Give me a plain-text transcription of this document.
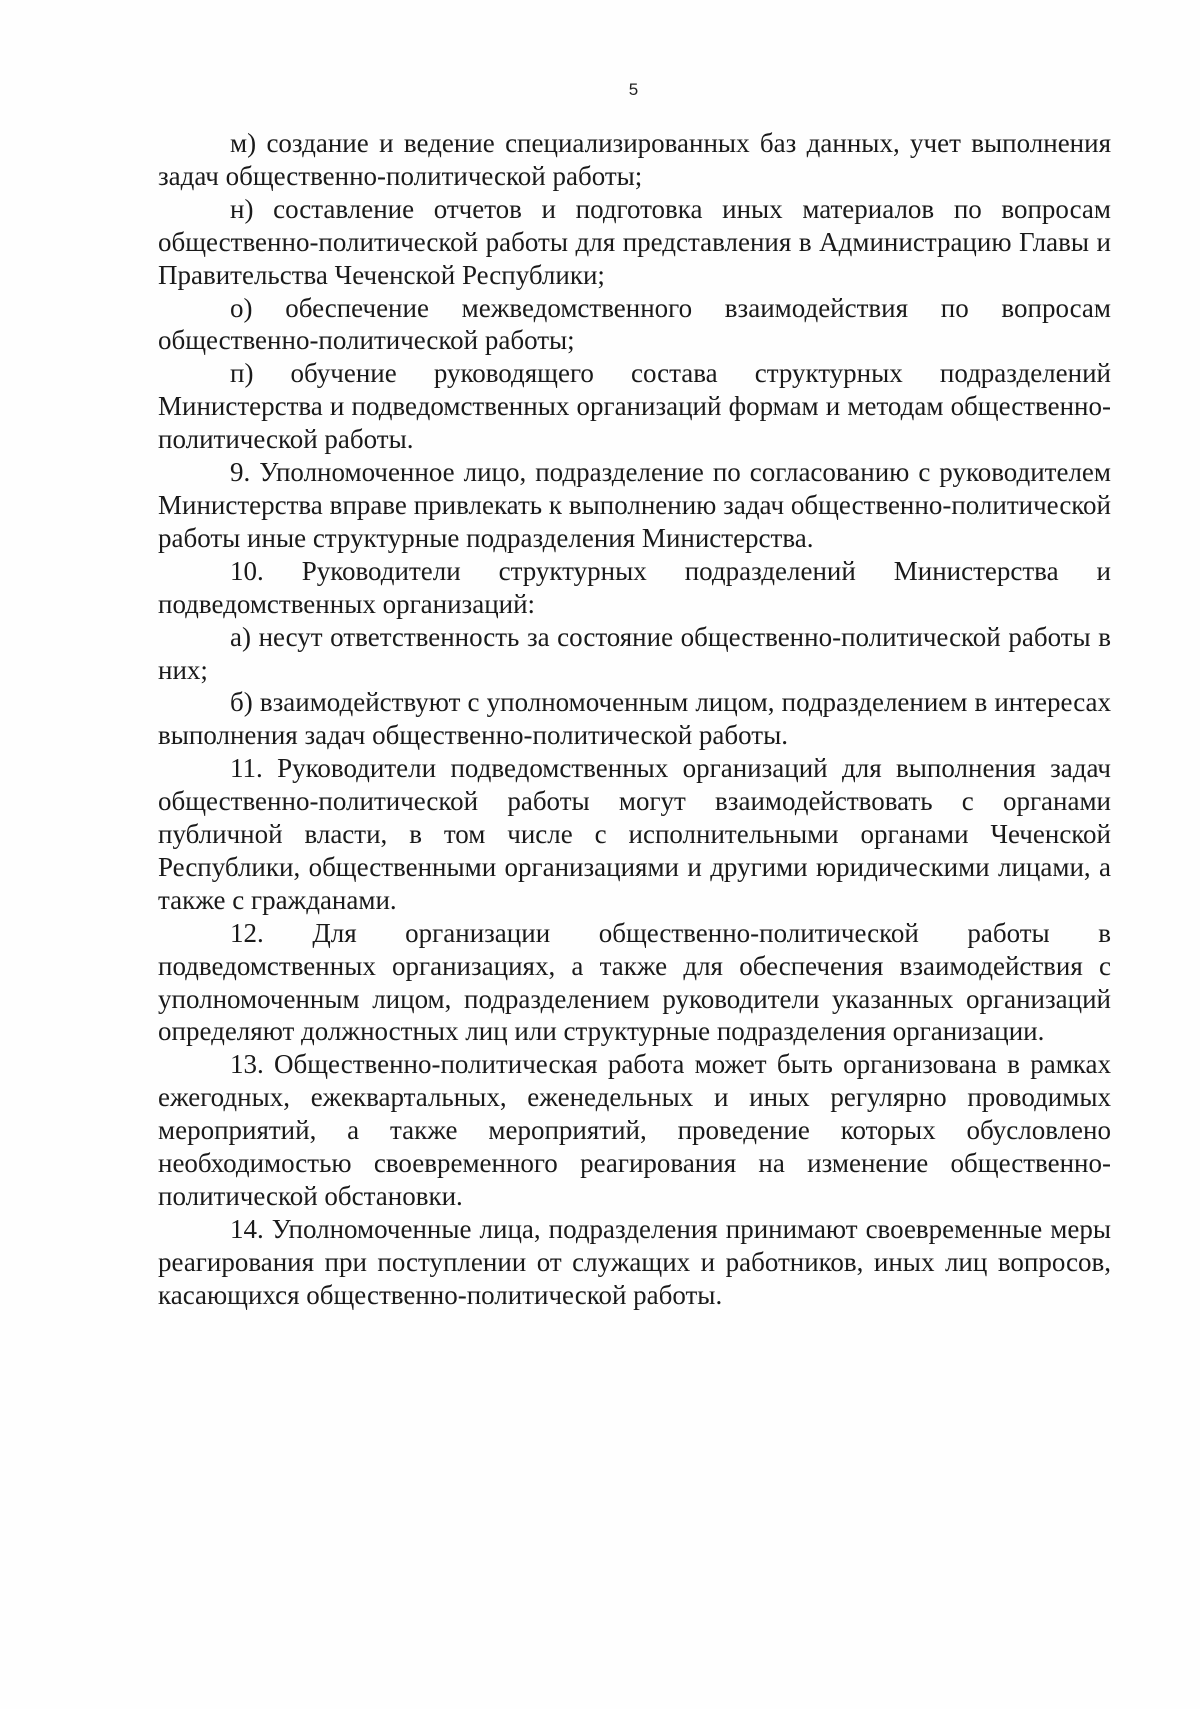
5

м) создание и ведение специализированных баз данных, учет выполнения задач общественно-политической работы;

н) составление отчетов и подготовка иных материалов по вопросам общественно-политической работы для представления в Администрацию Главы и Правительства Чеченской Республики;

о) обеспечение межведомственного взаимодействия по вопросам общественно-политической работы;

п) обучение руководящего состава структурных подразделений Министерства и подведомственных организаций формам и методам общественно-политической работы.

9. Уполномоченное лицо, подразделение по согласованию с руководителем Министерства вправе привлекать к выполнению задач общественно-политической работы иные структурные подразделения Министерства.

10. Руководители структурных подразделений Министерства и подведомственных организаций:

а) несут ответственность за состояние общественно-политической работы в них;

б) взаимодействуют с уполномоченным лицом, подразделением в интересах выполнения задач общественно-политической работы.

11. Руководители подведомственных организаций для выполнения задач общественно-политической работы могут взаимодействовать с органами публичной власти, в том числе с исполнительными органами Чеченской Республики, общественными организациями и другими юридическими лицами, а также с гражданами.

12. Для организации общественно-политической работы в подведомственных организациях, а также для обеспечения взаимодействия с уполномоченным лицом, подразделением руководители указанных организаций определяют должностных лиц или структурные подразделения организации.

13. Общественно-политическая работа может быть организована в рамках ежегодных, ежеквартальных, еженедельных и иных регулярно проводимых мероприятий, а также мероприятий, проведение которых обусловлено необходимостью своевременного реагирования на изменение общественно-политической обстановки.

14. Уполномоченные лица, подразделения принимают своевременные меры реагирования при поступлении от служащих и работников, иных лиц вопросов, касающихся общественно-политической работы.
